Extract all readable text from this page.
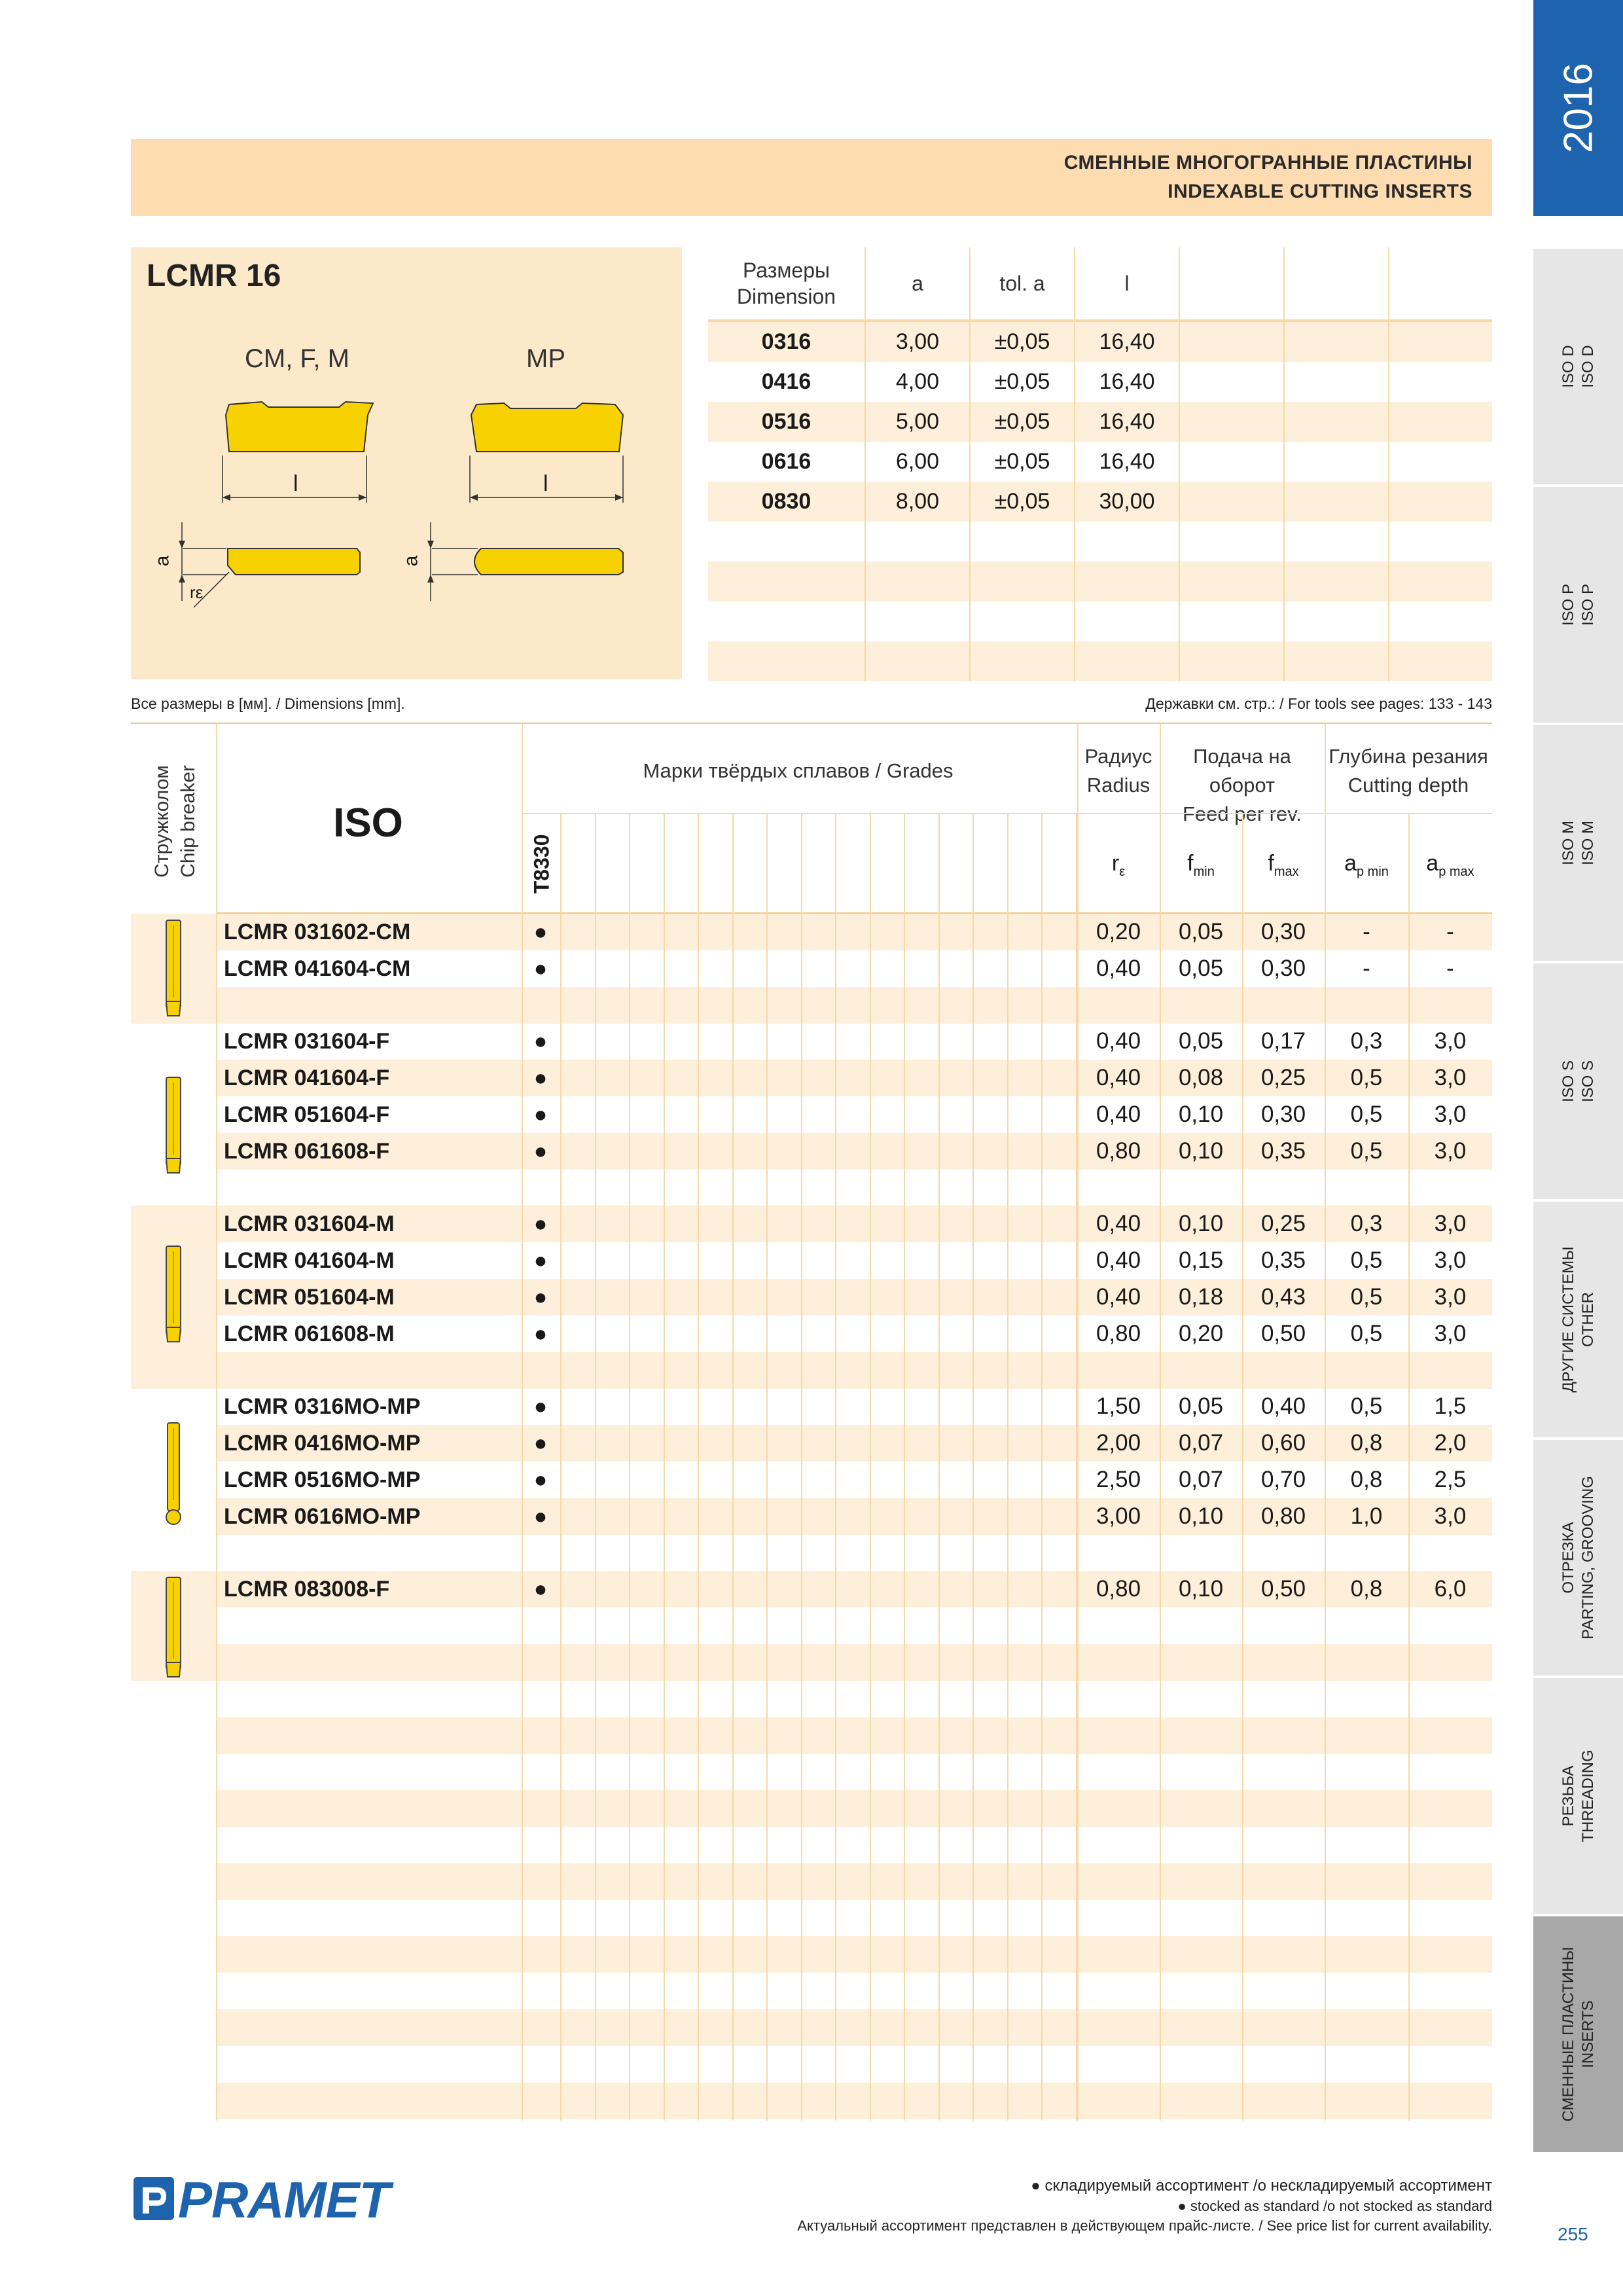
СМЕННЫЕ МНОГОГРАННЫЕ ПЛАСТИНЫ
INDEXABLE CUTTING INSERTS
2016
ISO D ISO D
ISO P ISO P
ISO M ISO M
ISO S ISO S
ДРУГИЕ СИСТЕМЫ OTHER
ОТРЕЗКА PARTING, GROOVING
РЕЗЬБА THREADING
СМЕННЫЕ ПЛАСТИНЫ INSERTS
LCMR 16
CM, F, M	MP
l	l
a	a
rε
Размеры
Dimension	a	tol. a	l			
0316	3,00	±0,05	16,40			
0416	4,00	±0,05	16,40			
0516	5,00	±0,05	16,40			
0616	6,00	±0,05	16,40			
0830	8,00	±0,05	30,00			

Все размеры в [мм]. / Dimensions [mm].	Державки см. стр.: / For tools see pages: 133 - 143
Стружколом Chip breaker	ISO
Марки твёрдых сплавов / Grades
T8330
Радиус
Radius
Подача на оборот
Feed per rev.
Глубина резания
Cutting depth
$r_\varepsilon$	$f_{min}$	$f_{max}$	$a_{p min}$	$a_{p max}$
LCMR 031602-CM	●	0,20	0,05	0,30	-	-
LCMR 041604-CM	●	0,40	0,05	0,30	-	-
LCMR 031604-F	●	0,40	0,05	0,17	0,3	3,0
LCMR 041604-F	●	0,40	0,08	0,25	0,5	3,0
LCMR 051604-F	●	0,40	0,10	0,30	0,5	3,0
LCMR 061608-F	●	0,80	0,10	0,35	0,5	3,0
LCMR 031604-M	●	0,40	0,10	0,25	0,3	3,0
LCMR 041604-M	●	0,40	0,15	0,35	0,5	3,0
LCMR 051604-M	●	0,40	0,18	0,43	0,5	3,0
LCMR 061608-M	●	0,80	0,20	0,50	0,5	3,0
LCMR 0316MO-MP	●	1,50	0,05	0,40	0,5	1,5
LCMR 0416MO-MP	●	2,00	0,07	0,60	0,8	2,0
LCMR 0516MO-MP	●	2,50	0,07	0,70	0,8	2,5
LCMR 0616MO-MP	●	3,00	0,10	0,80	1,0	3,0
LCMR 083008-F	●	0,80	0,10	0,50	0,8	6,0
PRAMET	● складируемый ассортимент /o нескладируемый ассортимент
● stocked as standard /o not stocked as standard
Актуальный ассортимент представлен в действующем прайс-листе. / See price list for current availability.	255
